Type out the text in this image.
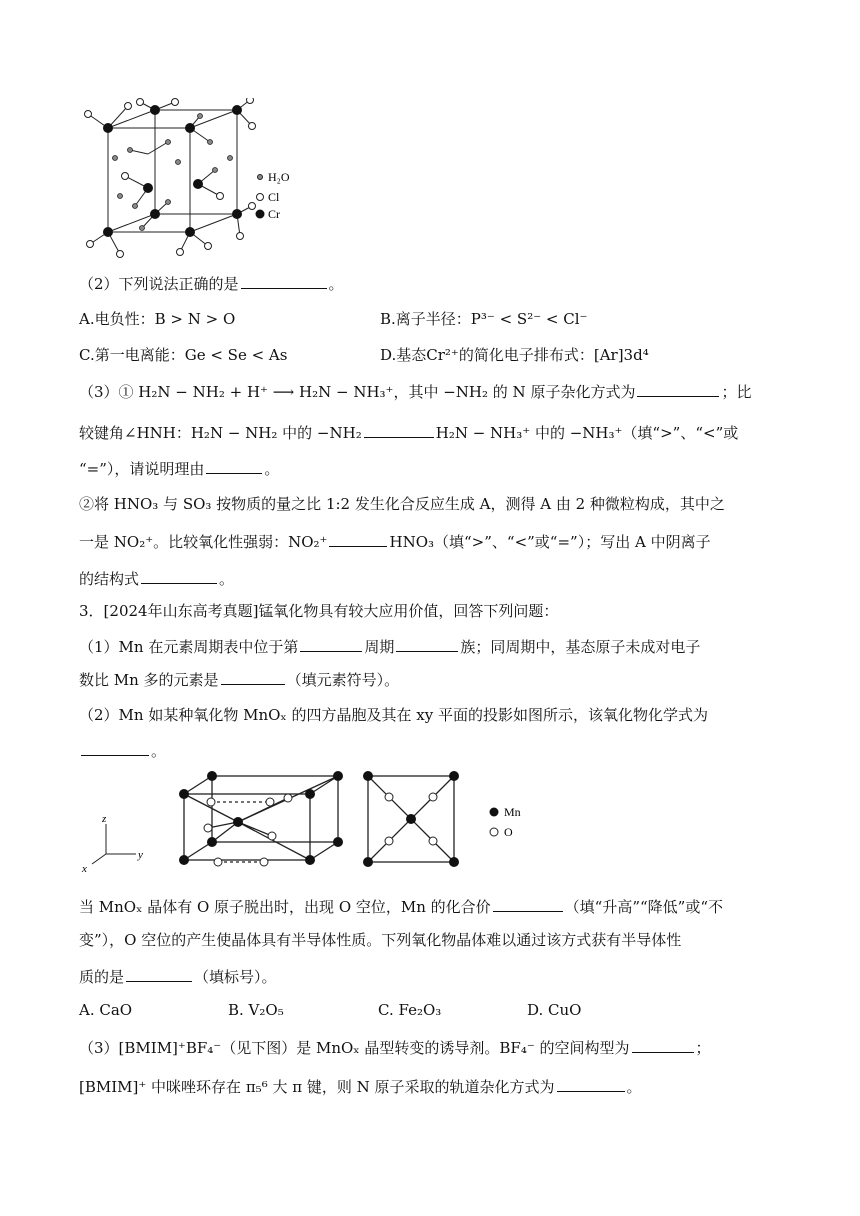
H₂O
Cl
Cr
（2）下列说法正确的是	。
A.电负性：B > N > O	B.离子半径：P³⁻ < S²⁻ < Cl⁻
C.第一电离能：Ge < Se < As	D.基态Cr²⁺的简化电子排布式：[Ar]3d⁴
（3）① H₂N − NH₂ + H⁺ ⟶ H₂N − NH₃⁺，其中 −NH₂ 的 N 原子杂化方式为	；比
较键角∠HNH：H₂N − NH₂ 中的 −NH₂	H₂N − NH₃⁺ 中的 −NH₃⁺（填“>”、“<”或
“=”），请说明理由	。
②将 HNO₃ 与 SO₃ 按物质的量之比 1:2 发生化合反应生成 A，测得 A 由 2 种微粒构成，其中之
一是 NO₂⁺。比较氧化性强弱：NO₂⁺	HNO₃（填“>”、“<”或“=”）；写出 A 中阴离子
的结构式	。
3．[2024年山东高考真题]锰氧化物具有较大应用价值，回答下列问题：
（1）Mn 在元素周期表中位于第	周期	族；同周期中，基态原子未成对电子
数比 Mn 多的元素是	（填元素符号）。
（2）Mn 如某种氧化物 MnOₓ 的四方晶胞及其在 xy 平面的投影如图所示，该氧化物化学式为
。
z
y
x
Mn
O
当 MnOₓ 晶体有 O 原子脱出时，出现 O 空位，Mn 的化合价	（填“升高”“降低”或“不
变”），O 空位的产生使晶体具有半导体性质。下列氧化物晶体难以通过该方式获有半导体性
质的是	（填标号）。
A. CaO	B. V₂O₅	C. Fe₂O₃	D. CuO
（3）[BMIM]⁺BF₄⁻（见下图）是 MnOₓ 晶型转变的诱导剂。BF₄⁻ 的空间构型为	；
[BMIM]⁺ 中咪唑环存在 π₅⁶ 大 π 键，则 N 原子采取的轨道杂化方式为	。
